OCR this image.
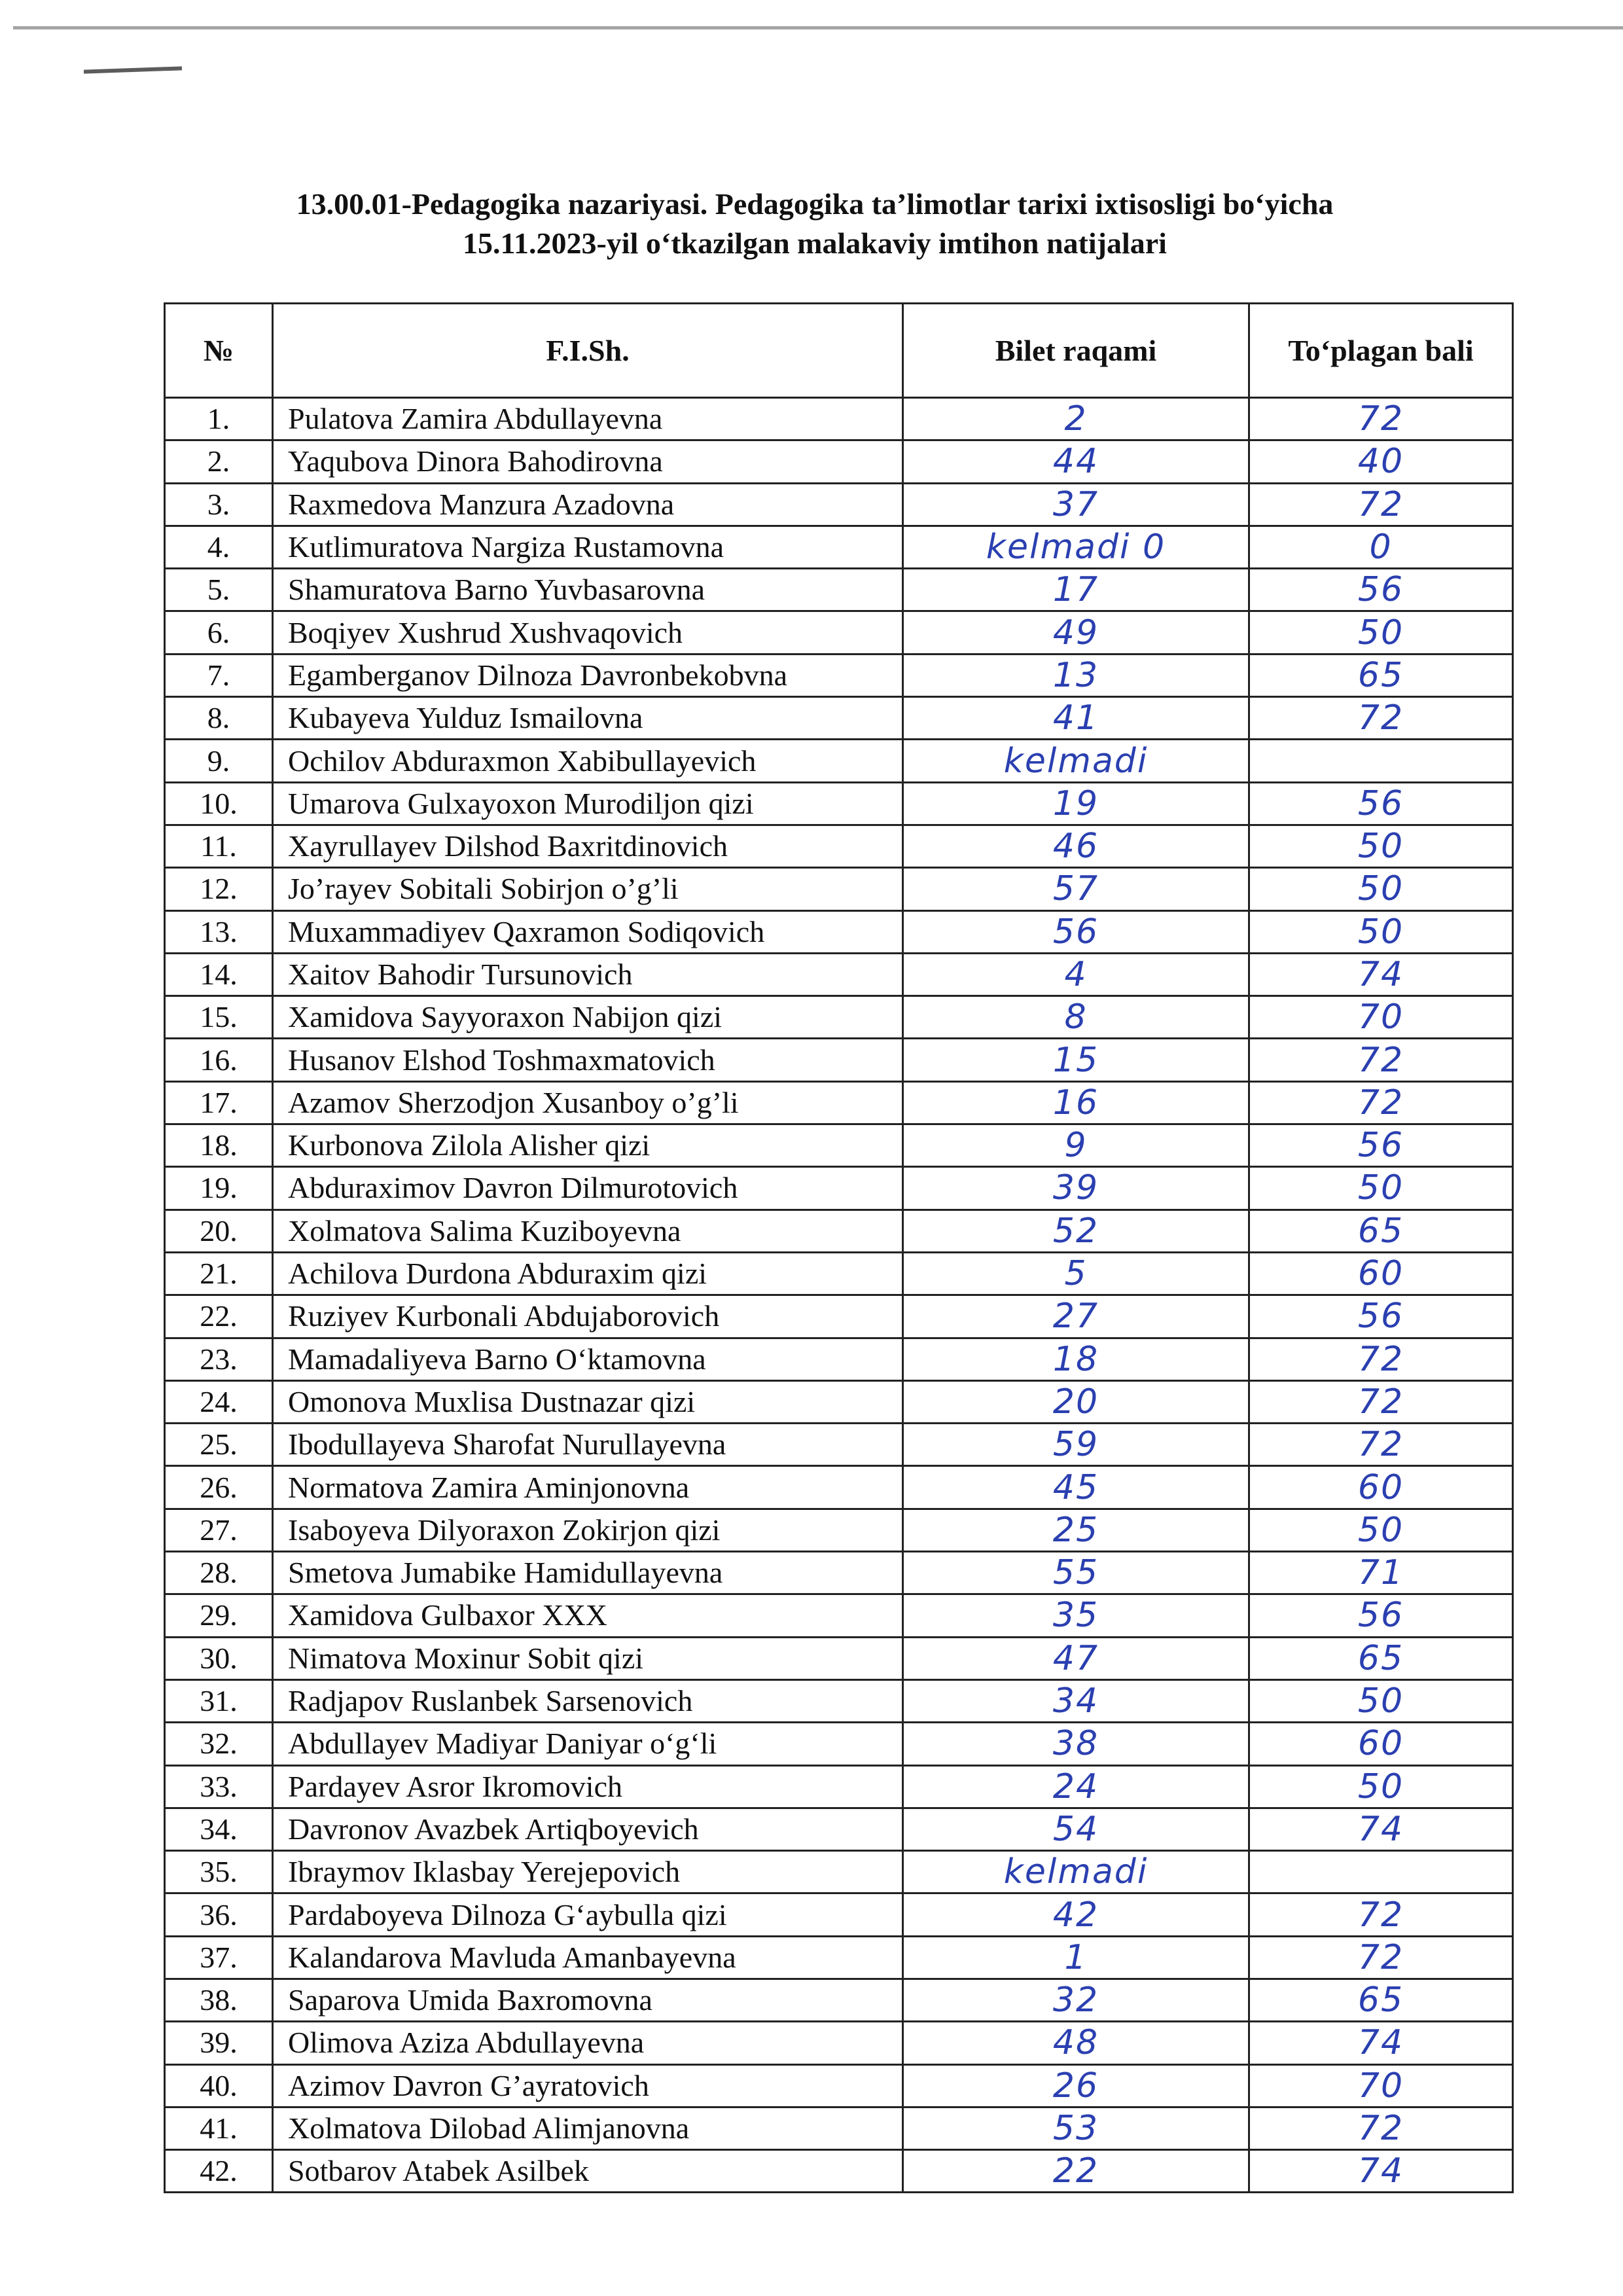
13.00.01-Pedagogika nazariyasi. Pedagogika ta’limotlar tarixi ixtisosligi bo‘yicha
15.11.2023-yil o‘tkazilgan malakaviy imtihon natijalari
№	F.I.Sh.	Bilet raqami	To‘plagan bali
1.	Pulatova Zamira Abdullayevna	2	72
2.	Yaqubova Dinora Bahodirovna	44	40
3.	Raxmedova Manzura Azadovna	37	72
4.	Kutlimuratova Nargiza Rustamovna	kelmadi 0	0
5.	Shamuratova Barno Yuvbasarovna	17	56
6.	Boqiyev Xushrud Xushvaqovich	49	50
7.	Egamberganov Dilnoza Davronbekobvna	13	65
8.	Kubayeva Yulduz Ismailovna	41	72
9.	Ochilov Abduraxmon Xabibullayevich	kelmadi	
10.	Umarova Gulxayoxon Murodiljon qizi	19	56
11.	Xayrullayev Dilshod Baxritdinovich	46	50
12.	Jo’rayev Sobitali Sobirjon o’g’li	57	50
13.	Muxammadiyev Qaxramon Sodiqovich	56	50
14.	Xaitov Bahodir Tursunovich	4	74
15.	Xamidova Sayyoraxon Nabijon qizi	8	70
16.	Husanov Elshod Toshmaxmatovich	15	72
17.	Azamov Sherzodjon Xusanboy o’g’li	16	72
18.	Kurbonova Zilola Alisher qizi	9	56
19.	Abduraximov Davron Dilmurotovich	39	50
20.	Xolmatova Salima Kuziboyevna	52	65
21.	Achilova Durdona Abduraxim qizi	5	60
22.	Ruziyev Kurbonali Abdujaborovich	27	56
23.	Mamadaliyeva Barno O‘ktamovna	18	72
24.	Omonova Muxlisa Dustnazar qizi	20	72
25.	Ibodullayeva Sharofat Nurullayevna	59	72
26.	Normatova Zamira Aminjonovna	45	60
27.	Isaboyeva Dilyoraxon Zokirjon qizi	25	50
28.	Smetova Jumabike Hamidullayevna	55	71
29.	Xamidova Gulbaxor XXX	35	56
30.	Nimatova Moxinur Sobit qizi	47	65
31.	Radjapov Ruslanbek Sarsenovich	34	50
32.	Abdullayev Madiyar Daniyar o‘g‘li	38	60
33.	Pardayev Asror Ikromovich	24	50
34.	Davronov Avazbek Artiqboyevich	54	74
35.	Ibraymov Iklasbay Yerejepovich	kelmadi	
36.	Pardaboyeva Dilnoza G‘aybulla qizi	42	72
37.	Kalandarova Mavluda Amanbayevna	1	72
38.	Saparova Umida Baxromovna	32	65
39.	Olimova Aziza Abdullayevna	48	74
40.	Azimov Davron G’ayratovich	26	70
41.	Xolmatova Dilobad Alimjanovna	53	72
42.	Sotbarov Atabek Asilbek	22	74
